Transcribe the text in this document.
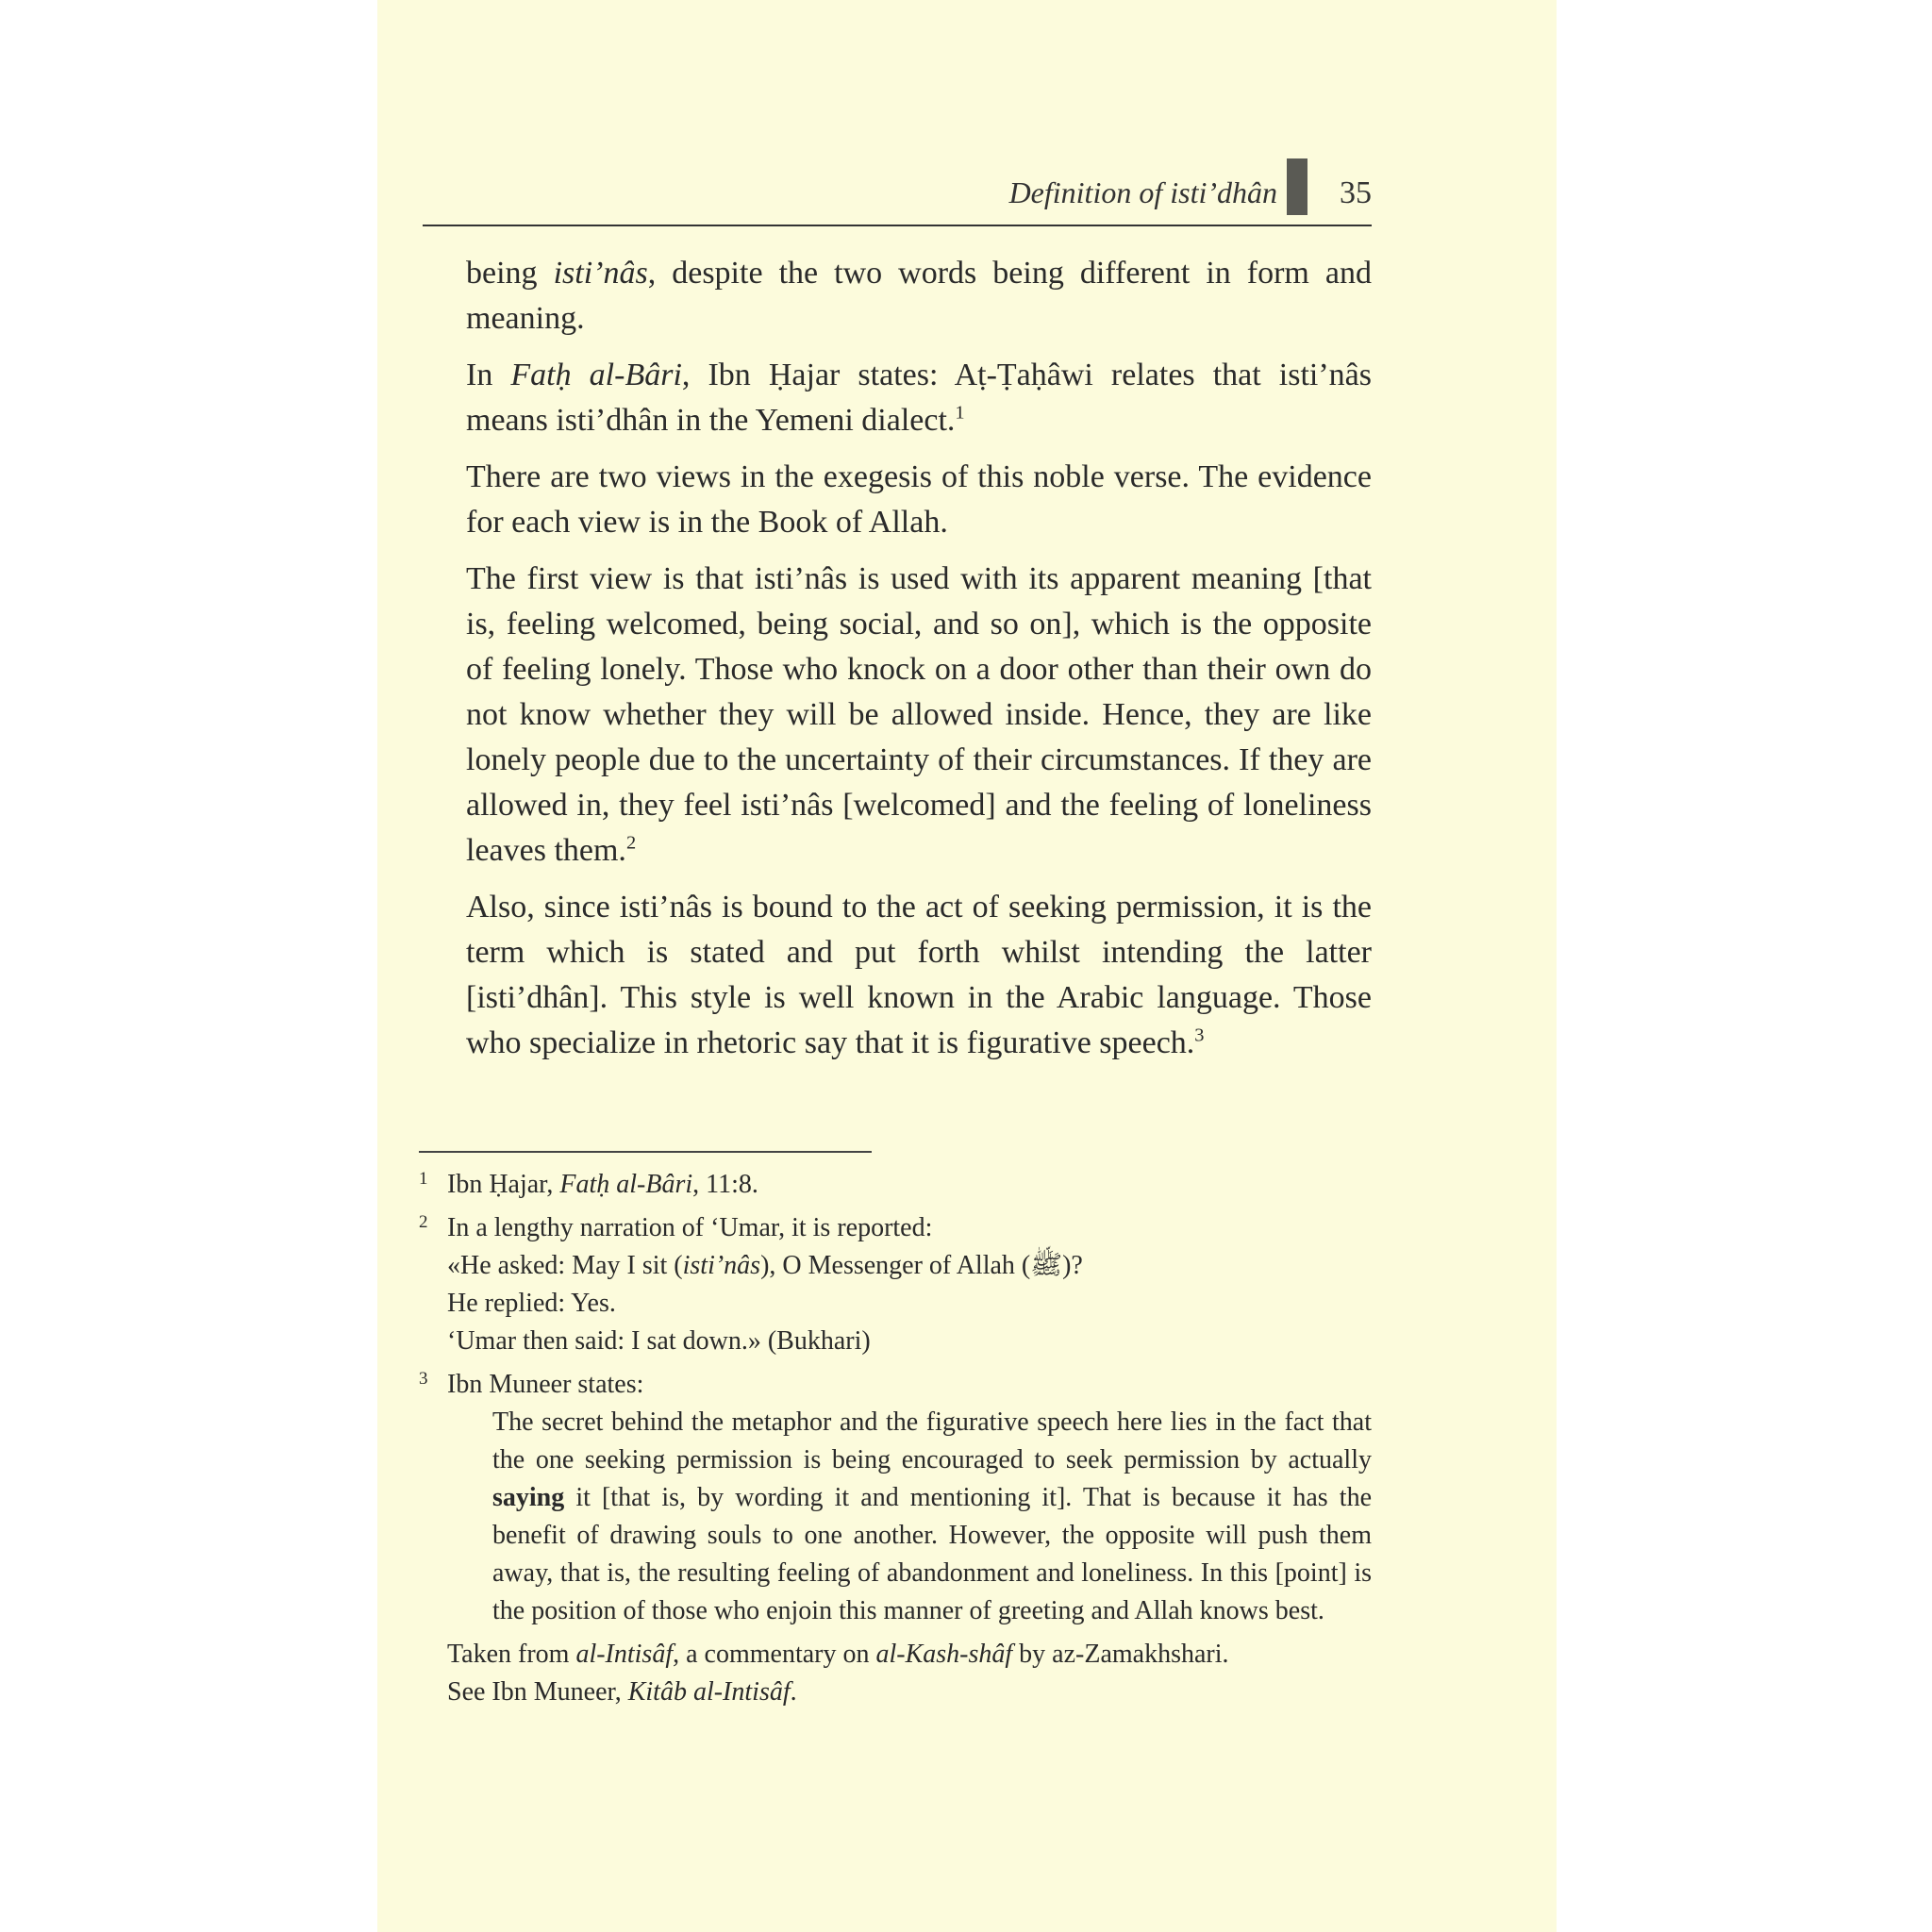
Definition of isti’dhân 35

being isti’nâs, despite the two words being different in form and meaning.

In Fatḥ al-Bâri, Ibn Ḥajar states: Aṭ-Ṭaḥâwi relates that isti’nâs means isti’dhân in the Yemeni dialect.$^1$

There are two views in the exegesis of this noble verse. The evidence for each view is in the Book of Allah.

The first view is that isti’nâs is used with its apparent meaning [that is, feeling welcomed, being social, and so on], which is the opposite of feeling lonely. Those who knock on a door other than their own do not know whether they will be allowed inside. Hence, they are like lonely people due to the uncertainty of their circumstances. If they are allowed in, they feel isti’nâs [welcomed] and the feeling of loneliness leaves them.$^2$

Also, since isti’nâs is bound to the act of seeking permission, it is the term which is stated and put forth whilst intending the latter [isti’dhân]. This style is well known in the Arabic language. Those who specialize in rhetoric say that it is figurative speech.$^3$

1 Ibn Ḥajar, Fatḥ al-Bâri, 11:8.

2 In a lengthy narration of ‘Umar, it is reported:

«He asked: May I sit (isti’nâs), O Messenger of Allah (ﷺ)?

He replied: Yes.

‘Umar then said: I sat down.» (Bukhari)

3 Ibn Muneer states:

The secret behind the metaphor and the figurative speech here lies in the fact that the one seeking permission is being encouraged to seek permission by actually saying it [that is, by wording it and mentioning it]. That is because it has the benefit of drawing souls to one another. However, the opposite will push them away, that is, the resulting feeling of abandonment and loneliness. In this [point] is the position of those who enjoin this manner of greeting and Allah knows best.

Taken from al-Intisâf, a commentary on al-Kash-shâf by az-Zamakhshari.

See Ibn Muneer, Kitâb al-Intisâf.
